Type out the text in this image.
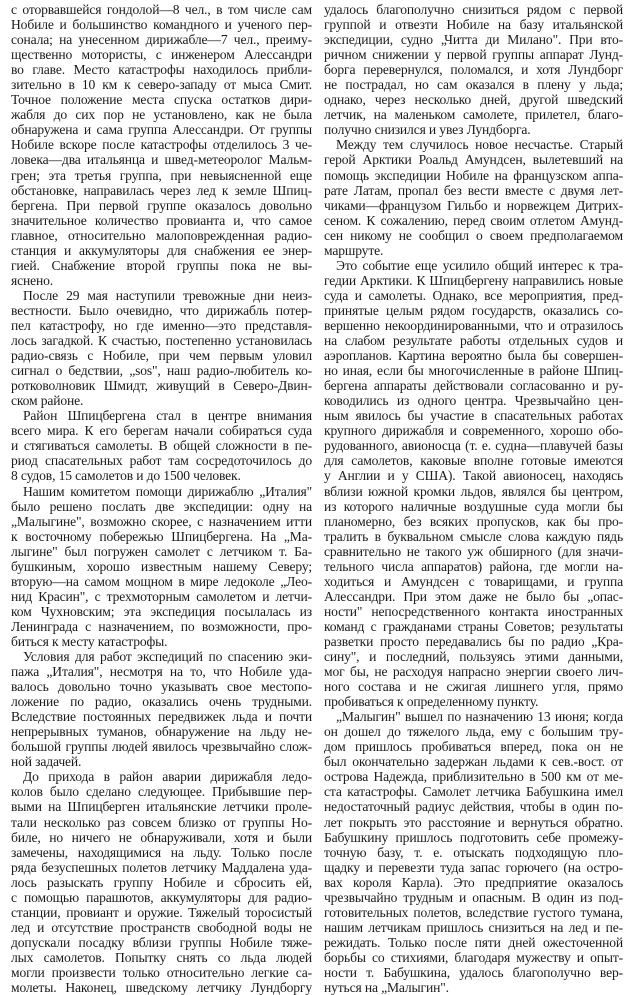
с оторвавшейся гондолой—8 чел., в том числе сам
Нобиле и большинство командного и ученого пер-
сонала; на унесенном дирижабле—7 чел., преиму-
щественно мотористы, с инженером Алессандри
во главе. Место катастрофы находилось прибли-
зительно в 10 км к северо-западу от мыса Смит.
Точное положение места спуска остатков дири-
жабля до сих пор не установлено, как не была
обнаружена и сама группа Алессандри. От группы
Нобиле вскоре после катастрофы отделилось 3 че-
ловека—два итальянца и швед-метеоролог Мальм-
грен; эта третья группа, при невыясненной еще
обстановке, направилась через лед к земле Шпиц-
бергена. При первой группе оказалось довольно
значительное количество провианта и, что самое
главное, относительно малоповрежденная радио-
станция и аккумуляторы для снабжения ее энер-
гией. Снабжение второй группы пока не вы-
яснено.
После 29 мая наступили тревожные дни неиз-
вестности. Было очевидно, что дирижабль потер-
пел катастрофу, но где именно—это представля-
лось загадкой. К счастью, постепенно установилась
радио-связь с Нобиле, при чем первым уловил
сигнал о бедствии, „sos", наш радио-любитель ко-
ротковолновик Шмидт, живущий в Северо-Двин-
ском районе.
Район Шпицбергена стал в центре внимания
всего мира. К его берегам начали собираться суда
и стягиваться самолеты. В общей сложности в пе-
риод спасательных работ там сосредоточилось до
8 судов, 15 самолетов и до 1500 человек.
Нашим комитетом помощи дирижаблю „Италия"
было решено послать две экспедиции: одну на
„Малыгине", возможно скорее, с назначением итти
к восточному побережью Шпицбергена. На „Ма-
лыгине" был погружен самолет с летчиком т. Ба-
бушкиным, хорошо известным нашему Северу;
вторую—на самом мощном в мире ледоколе „Лео-
нид Красин", с трехмоторным самолетом и летчи-
ком Чухновским; эта экспедиция посылалась из
Ленинграда с назначением, по возможности, про-
биться к месту катастрофы.
Условия для работ экспедиций по спасению эки-
пажа „Италия", несмотря на то, что Нобиле уда-
валось довольно точно указывать свое местопо-
ложение по радио, оказались очень трудными.
Вследствие постоянных передвижек льда и почти
непрерывных туманов, обнаружение на льду не-
большой группы людей явилось чрезвычайно слож-
ной задачей.
До прихода в район аварии дирижабля ледо-
колов было сделано следующее. Прибывшие пер-
выми на Шпицберген итальянские летчики проле-
тали несколько раз совсем близко от группы Но-
биле, но ничего не обнаруживали, хотя и были
замечены, находящимися на льду. Только после
ряда безуспешных полетов летчику Маддалена уда-
лось разыскать группу Нобиле и сбросить ей,
с помощью парашютов, аккумуляторы для радио-
станции, провиант и оружие. Тяжелый торосистый
лед и отсутствие пространств свободной воды не
допускали посадку вблизи группы Нобиле тяже-
лых самолетов. Попытку снять со льда людей
могли произвести только относительно легкие са-
молеты. Наконец, шведскому летчику Лундборгу
удалось благополучно снизиться рядом с первой
группой и отвезти Нобиле на базу итальянской
экспедиции, судно „Читта ди Милано". При вто-
ричном снижении у первой группы аппарат Лунд-
борга перевернулся, поломался, и хотя Лундборг
не пострадал, но сам оказался в плену у льда;
однако, через несколько дней, другой шведский
летчик, на маленьком самолете, прилетел, благо-
получно снизился и увез Лундборга.
Между тем случилось новое несчастье. Старый
герой Арктики Роальд Амундсен, вылетевший на
помощь экспедиции Нобиле на французском аппа-
рате Латам, пропал без вести вместе с двумя лет-
чиками—французом Гильбо и норвежцем Дитрих-
сеном. К сожалению, перед своим отлетом Амунд-
сен никому не сообщил о своем предполагаемом
маршруте.
Это событие еще усилило общий интерес к тра-
гедии Арктики. К Шпицбергену направились новые
суда и самолеты. Однако, все мероприятия, пред-
принятые целым рядом государств, оказались со-
вершенно некоординированными, что и отразилось
на слабом результате работы отдельных судов и
аэропланов. Картина вероятно была бы совершен-
но иная, если бы многочисленные в районе Шпиц-
бергена аппараты действовали согласованно и ру-
ководились из одного центра. Чрезвычайно цен-
ным явилось бы участие в спасательных работах
крупного дирижабля и современного, хорошо обо-
рудованного, авионосца (т. е. судна—плавучей базы
для самолетов, каковые вполне готовые имеются
у Англии и у США). Такой авионосец, находясь
вблизи южной кромки льдов, являлся бы центром,
из которого наличные воздушные суда могли бы
планомерно, без всяких пропусков, как бы про-
тралить в буквальном смысле слова каждую пядь
сравнительно не такого уж обширного (для значи-
тельного числа аппаратов) района, где могли на-
ходиться и Амундсен с товарищами, и группа
Алессандри. При этом даже не было бы „опас-
ности" непосредственного контакта иностранных
команд с гражданами страны Советов; результаты
разветки просто передавались бы по радио „Кра-
сину", и последний, пользуясь этими данными,
мог бы, не расходуя напрасно энергии своего лич-
ного состава и не сжигая лишнего угля, прямо
пробиваться к определенному пункту.
„Малыгин" вышел по назначению 13 июня; когда
он дошел до тяжелого льда, ему с большим тру-
дом пришлось пробиваться вперед, пока он не
был окончательно задержан льдами к сев.-вост. от
острова Надежда, приблизительно в 500 км от ме-
ста катастрофы. Самолет летчика Бабушкина имел
недостаточный радиус действия, чтобы в один по-
лет покрыть это расстояние и вернуться обратно.
Бабушкину пришлось подготовить себе промежу-
точную базу, т. е. отыскать подходящую пло-
щадку и перевезти туда запас горючего (на остро-
вах короля Карла). Это предприятие оказалось
чрезвычайно трудным и опасным. В один из под-
готовительных полетов, вследствие густого тумана,
нашим летчикам пришлось снизиться на лед и пе-
режидать. Только после пяти дней ожесточенной
борьбы со стихиями, благодаря мужеству и опыт-
ности т. Бабушкина, удалось благополучно вер-
нуться на „Малыгин".
